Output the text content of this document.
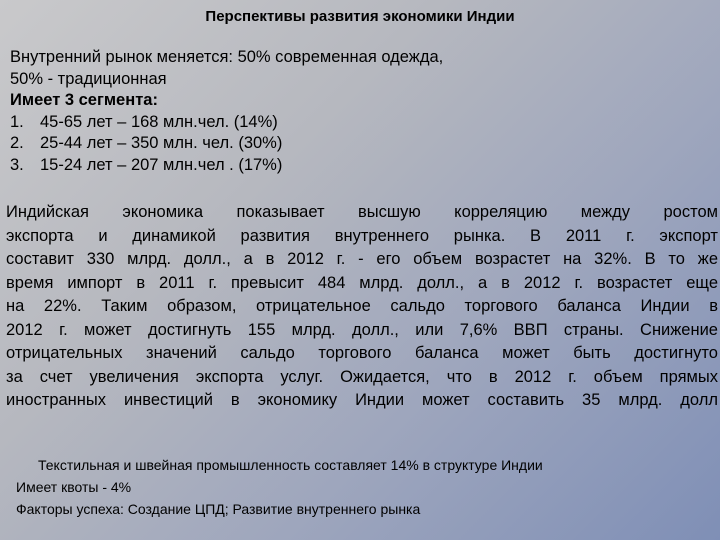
Перспективы развития экономики Индии
Внутренний рынок меняется: 50% современная одежда,
50% - традиционная
Имеет 3 сегмента:
1. 45-65 лет – 168 млн.чел. (14%)
2. 25-44 лет – 350 млн. чел. (30%)
3. 15-24 лет – 207 млн.чел . (17%)
Индийская экономика показывает высшую корреляцию между ростом
экспорта и динамикой развития внутреннего рынка. В 2011 г. экспорт
составит 330 млрд. долл., а в 2012 г. - его объем возрастет на 32%. В то же
время импорт в 2011 г. превысит 484 млрд. долл., а в 2012 г. возрастет еще
на 22%. Таким образом, отрицательное сальдо торгового баланса Индии в
2012 г. может достигнуть 155 млрд. долл., или 7,6% ВВП страны. Снижение
отрицательных значений сальдо торгового баланса может быть достигнуто
за счет увеличения экспорта услуг. Ожидается, что в 2012 г. объем прямых
иностранных инвестиций в экономику Индии может составить 35 млрд. долл
Текстильная и швейная промышленность составляет 14% в структуре Индии
Имеет квоты - 4%
Факторы успеха: Создание ЦПД; Развитие внутреннего рынка
